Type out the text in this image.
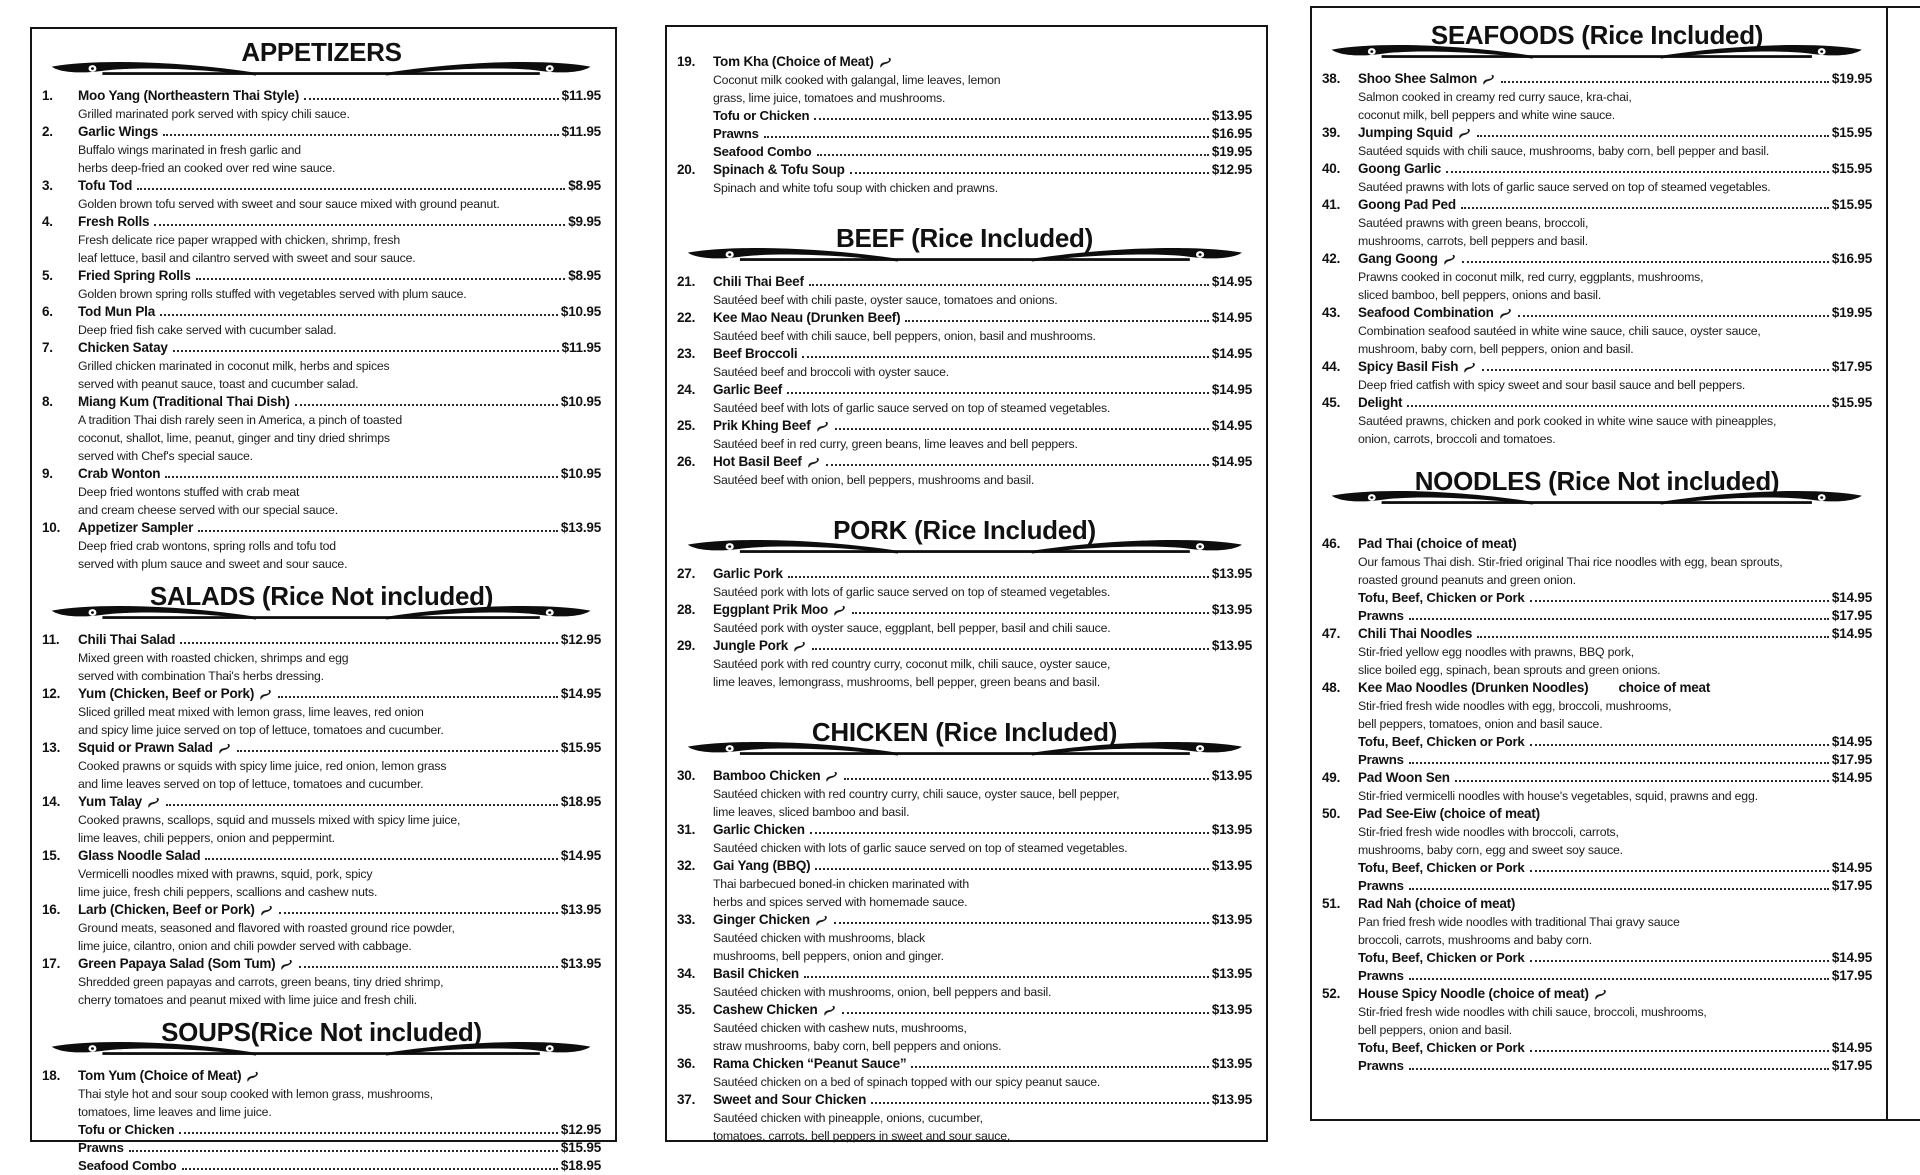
APPETIZERS
1.	Moo Yang (Northeastern Thai Style)	$11.95
Grilled marinated pork served with spicy chili sauce.
2.	Garlic Wings	$11.95
Buffalo wings marinated in fresh garlic and
herbs deep-fried an cooked over red wine sauce.
3.	Tofu Tod	$8.95
Golden brown tofu served with sweet and sour sauce mixed with ground peanut.
4.	Fresh Rolls	$9.95
Fresh delicate rice paper wrapped with chicken, shrimp, fresh
leaf lettuce, basil and cilantro served with sweet and sour sauce.
5.	Fried Spring Rolls	$8.95
Golden brown spring rolls stuffed with vegetables served with plum sauce.
6.	Tod Mun Pla	$10.95
Deep fried fish cake served with cucumber salad.
7.	Chicken Satay	$11.95
Grilled chicken marinated in coconut milk, herbs and spices
served with peanut sauce, toast and cucumber salad.
8.	Miang Kum (Traditional Thai Dish)	$10.95
A tradition Thai dish rarely seen in America, a pinch of toasted
coconut, shallot, lime, peanut, ginger and tiny dried shrimps
served with Chef's special sauce.
9.	Crab Wonton	$10.95
Deep fried wontons stuffed with crab meat
and cream cheese served with our special sauce.
10.	Appetizer Sampler	$13.95
Deep fried crab wontons, spring rolls and tofu tod
served with plum sauce and sweet and sour sauce.
SALADS (Rice Not included)
11.	Chili Thai Salad	$12.95
Mixed green with roasted chicken, shrimps and egg
served with combination Thai's herbs dressing.
12.	Yum (Chicken, Beef or Pork)	$14.95
Sliced grilled meat mixed with lemon grass, lime leaves, red onion
and spicy lime juice served on top of lettuce, tomatoes and cucumber.
13.	Squid or Prawn Salad	$15.95
Cooked prawns or squids with spicy lime juice, red onion, lemon grass
and lime leaves served on top of lettuce, tomatoes and cucumber.
14.	Yum Talay	$18.95
Cooked prawns, scallops, squid and mussels mixed with spicy lime juice,
lime leaves, chili peppers, onion and peppermint.
15.	Glass Noodle Salad	$14.95
Vermicelli noodles mixed with prawns, squid, pork, spicy
lime juice, fresh chili peppers, scallions and cashew nuts.
16.	Larb (Chicken, Beef or Pork)	$13.95
Ground meats, seasoned and flavored with roasted ground rice powder,
lime juice, cilantro, onion and chili powder served with cabbage.
17.	Green Papaya Salad (Som Tum)	$13.95
Shredded green papayas and carrots, green beans, tiny dried shrimp,
cherry tomatoes and peanut mixed with lime juice and fresh chili.
SOUPS(Rice Not included)
18.	Tom Yum (Choice of Meat)
Thai style hot and sour soup cooked with lemon grass, mushrooms,
tomatoes, lime leaves and lime juice.
Tofu or Chicken	$12.95
Prawns	$15.95
Seafood Combo	$18.95
19.	Tom Kha (Choice of Meat)
Coconut milk cooked with galangal, lime leaves, lemon
grass, lime juice, tomatoes and mushrooms.
Tofu or Chicken	$13.95
Prawns	$16.95
Seafood Combo	$19.95
20.	Spinach & Tofu Soup	$12.95
Spinach and white tofu soup with chicken and prawns.
BEEF (Rice Included)
21.	Chili Thai Beef	$14.95
Sautéed beef with chili paste, oyster sauce, tomatoes and onions.
22.	Kee Mao Neau (Drunken Beef)	$14.95
Sautéed beef with chili sauce, bell peppers, onion, basil and mushrooms.
23.	Beef Broccoli	$14.95
Sautéed beef and broccoli with oyster sauce.
24.	Garlic Beef	$14.95
Sautéed beef with lots of garlic sauce served on top of steamed vegetables.
25.	Prik Khing Beef	$14.95
Sautéed beef in red curry, green beans, lime leaves and bell peppers.
26.	Hot Basil Beef	$14.95
Sautéed beef with onion, bell peppers, mushrooms and basil.
PORK (Rice Included)
27.	Garlic Pork	$13.95
Sautéed pork with lots of garlic sauce served on top of steamed vegetables.
28.	Eggplant Prik Moo	$13.95
Sautéed pork with oyster sauce, eggplant, bell pepper, basil and chili sauce.
29.	Jungle Pork	$13.95
Sautéed pork with red country curry, coconut milk, chili sauce, oyster sauce,
lime leaves, lemongrass, mushrooms, bell pepper, green beans and basil.
CHICKEN (Rice Included)
30.	Bamboo Chicken	$13.95
Sautéed chicken with red country curry, chili sauce, oyster sauce, bell pepper,
lime leaves, sliced bamboo and basil.
31.	Garlic Chicken	$13.95
Sautéed chicken with lots of garlic sauce served on top of steamed vegetables.
32.	Gai Yang (BBQ)	$13.95
Thai barbecued boned-in chicken marinated with
herbs and spices served with homemade sauce.
33.	Ginger Chicken	$13.95
Sautéed chicken with mushrooms, black
mushrooms, bell peppers, onion and ginger.
34.	Basil Chicken	$13.95
Sautéed chicken with mushrooms, onion, bell peppers and basil.
35.	Cashew Chicken	$13.95
Sautéed chicken with cashew nuts, mushrooms,
straw mushrooms, baby corn, bell peppers and onions.
36.	Rama Chicken “Peanut Sauce”	$13.95
Sautéed chicken on a bed of spinach topped with our spicy peanut sauce.
37.	Sweet and Sour Chicken	$13.95
Sautéed chicken with pineapple, onions, cucumber,
tomatoes, carrots, bell peppers in sweet and sour sauce.
SEAFOODS (Rice Included)
38.	Shoo Shee Salmon	$19.95
Salmon cooked in creamy red curry sauce, kra-chai,
coconut milk, bell peppers and white wine sauce.
39.	Jumping Squid	$15.95
Sautéed squids with chili sauce, mushrooms, baby corn, bell pepper and basil.
40.	Goong Garlic	$15.95
Sautéed prawns with lots of garlic sauce served on top of steamed vegetables.
41.	Goong Pad Ped	$15.95
Sautéed prawns with green beans, broccoli,
mushrooms, carrots, bell peppers and basil.
42.	Gang Goong	$16.95
Prawns cooked in coconut milk, red curry, eggplants, mushrooms,
sliced bamboo, bell peppers, onions and basil.
43.	Seafood Combination	$19.95
Combination seafood sautéed in white wine sauce, chili sauce, oyster sauce,
mushroom, baby corn, bell peppers, onion and basil.
44.	Spicy Basil Fish	$17.95
Deep fried catfish with spicy sweet and sour basil sauce and bell peppers.
45.	Delight	$15.95
Sautéed prawns, chicken and pork cooked in white wine sauce with pineapples,
onion, carrots, broccoli and tomatoes.
NOODLES (Rice Not included)
46.	Pad Thai (choice of meat)
Our famous Thai dish. Stir-fried original Thai rice noodles with egg, bean sprouts,
roasted ground peanuts and green onion.
Tofu, Beef, Chicken or Pork	$14.95
Prawns	$17.95
47.	Chili Thai Noodles	$14.95
Stir-fried yellow egg noodles with prawns, BBQ pork,
slice boiled egg, spinach, bean sprouts and green onions.
48.	Kee Mao Noodles (Drunken Noodles) choice of meat
Stir-fried fresh wide noodles with egg, broccoli, mushrooms,
bell peppers, tomatoes, onion and basil sauce.
Tofu, Beef, Chicken or Pork	$14.95
Prawns	$17.95
49.	Pad Woon Sen	$14.95
Stir-fried vermicelli noodles with house's vegetables, squid, prawns and egg.
50.	Pad See-Eiw (choice of meat)
Stir-fried fresh wide noodles with broccoli, carrots,
mushrooms, baby corn, egg and sweet soy sauce.
Tofu, Beef, Chicken or Pork	$14.95
Prawns	$17.95
51.	Rad Nah (choice of meat)
Pan fried fresh wide noodles with traditional Thai gravy sauce
broccoli, carrots, mushrooms and baby corn.
Tofu, Beef, Chicken or Pork	$14.95
Prawns	$17.95
52.	House Spicy Noodle (choice of meat)
Stir-fried fresh wide noodles with chili sauce, broccoli, mushrooms,
bell peppers, onion and basil.
Tofu, Beef, Chicken or Pork	$14.95
Prawns	$17.95
